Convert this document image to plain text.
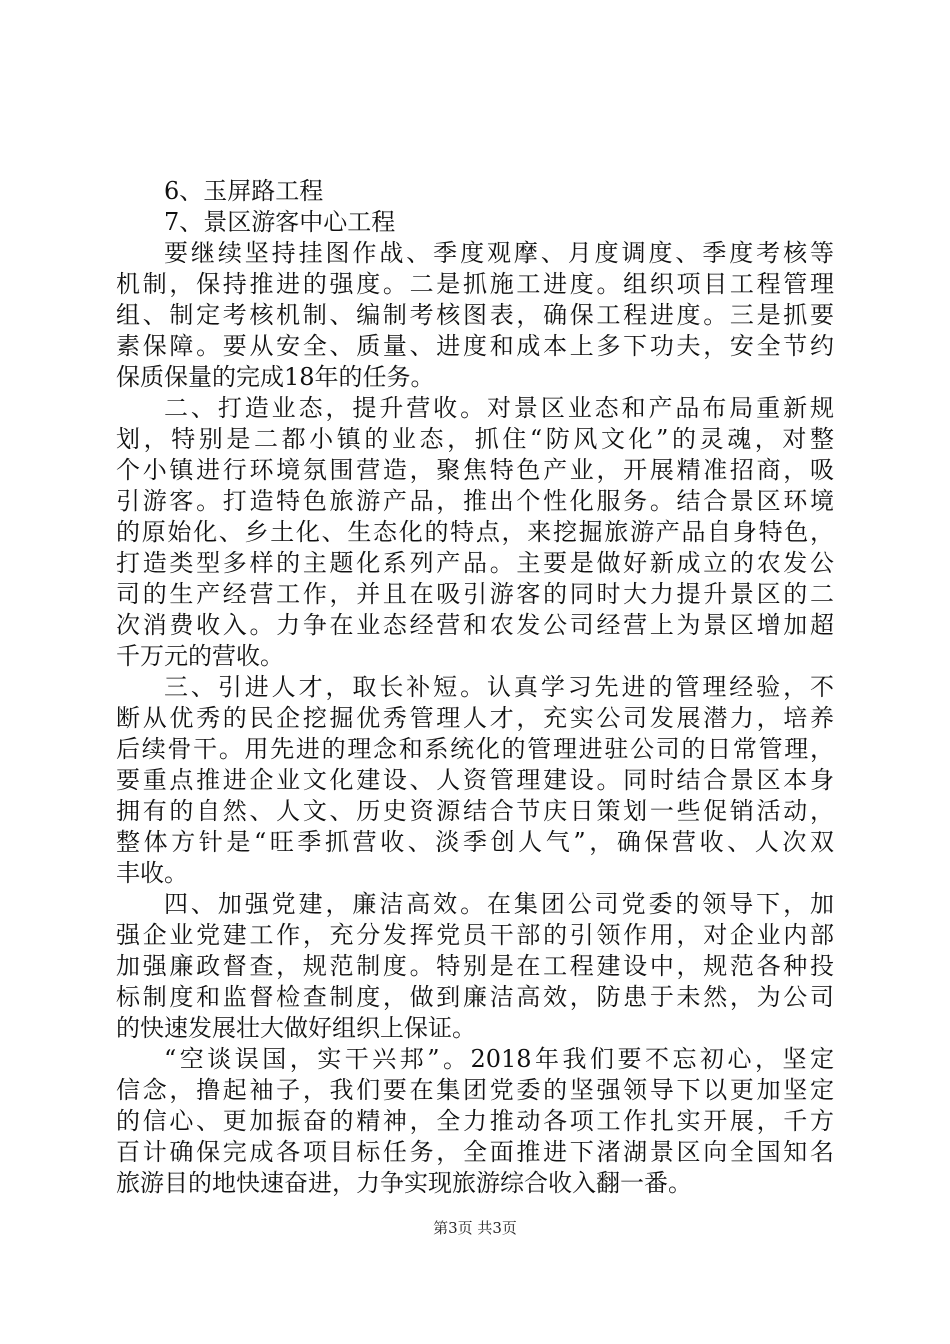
6、玉屏路工程
7、景区游客中心工程
要继续坚持挂图作战、季度观摩、月度调度、季度考核等
机制，保持推进的强度。二是抓施工进度。组织项目工程管理
组、制定考核机制、编制考核图表，确保工程进度。三是抓要
素保障。要从安全、质量、进度和成本上多下功夫，安全节约
保质保量的完成18年的任务。
二、打造业态，提升营收。对景区业态和产品布局重新规
划，特别是二都小镇的业态，抓住“防风文化”的灵魂，对整
个小镇进行环境氛围营造，聚焦特色产业，开展精准招商，吸
引游客。打造特色旅游产品，推出个性化服务。结合景区环境
的原始化、乡土化、生态化的特点，来挖掘旅游产品自身特色，
打造类型多样的主题化系列产品。主要是做好新成立的农发公
司的生产经营工作，并且在吸引游客的同时大力提升景区的二
次消费收入。力争在业态经营和农发公司经营上为景区增加超
千万元的营收。
三、引进人才，取长补短。认真学习先进的管理经验，不
断从优秀的民企挖掘优秀管理人才，充实公司发展潜力，培养
后续骨干。用先进的理念和系统化的管理进驻公司的日常管理，
要重点推进企业文化建设、人资管理建设。同时结合景区本身
拥有的自然、人文、历史资源结合节庆日策划一些促销活动，
整体方针是“旺季抓营收、淡季创人气”，确保营收、人次双
丰收。
四、加强党建，廉洁高效。在集团公司党委的领导下，加
强企业党建工作，充分发挥党员干部的引领作用，对企业内部
加强廉政督查，规范制度。特别是在工程建设中，规范各种投
标制度和监督检查制度，做到廉洁高效，防患于未然，为公司
的快速发展壮大做好组织上保证。
“空谈误国，实干兴邦”。2018年我们要不忘初心，坚定
信念，撸起袖子，我们要在集团党委的坚强领导下以更加坚定
的信心、更加振奋的精神，全力推动各项工作扎实开展，千方
百计确保完成各项目标任务，全面推进下渚湖景区向全国知名
旅游目的地快速奋进，力争实现旅游综合收入翻一番。
第3页 共3页
